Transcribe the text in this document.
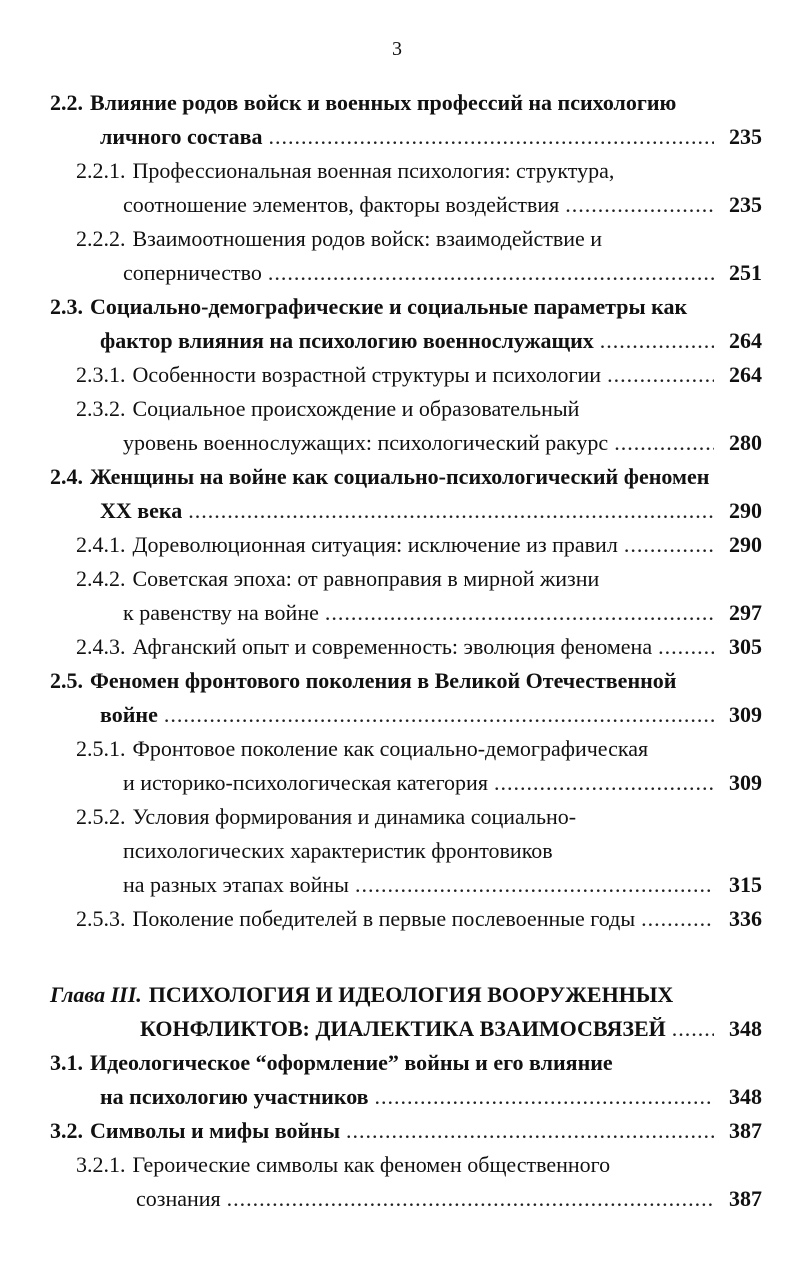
3
2.2. Влияние родов войск и военных профессий на психологию
личного состава .....	235
2.2.1. Профессиональная военная психология: структура,
соотношение элементов, факторы воздействия .....	235
2.2.2. Взаимоотношения родов войск: взаимодействие и
соперничество .....	251
2.3. Социально-демографические и социальные параметры как
фактор влияния на психологию военнослужащих .....	264
2.3.1. Особенности возрастной структуры и психологии .....	264
2.3.2. Социальное происхождение и образовательный
уровень военнослужащих: психологический ракурс .....	280
2.4. Женщины на войне как социально-психологический феномен
XX века .....	290
2.4.1. Дореволюционная ситуация: исключение из правил .....	290
2.4.2. Советская эпоха: от равноправия в мирной жизни
к равенству на войне .....	297
2.4.3. Афганский опыт и современность: эволюция феномена .....	305
2.5. Феномен фронтового поколения в Великой Отечественной
войне .....	309
2.5.1. Фронтовое поколение как социально-демографическая
и историко-психологическая категория .....	309
2.5.2. Условия формирования и динамика социально-
психологических характеристик фронтовиков
на разных этапах войны .....	315
2.5.3. Поколение победителей в первые послевоенные годы .....	336
Глава III. ПСИХОЛОГИЯ И ИДЕОЛОГИЯ ВООРУЖЕННЫХ
КОНФЛИКТОВ: ДИАЛЕКТИКА ВЗАИМОСВЯЗЕЙ .....	348
3.1. Идеологическое “оформление” войны и его влияние
на психологию участников .....	348
3.2. Символы и мифы войны .....	387
3.2.1. Героические символы как феномен общественного
сознания .....	387
